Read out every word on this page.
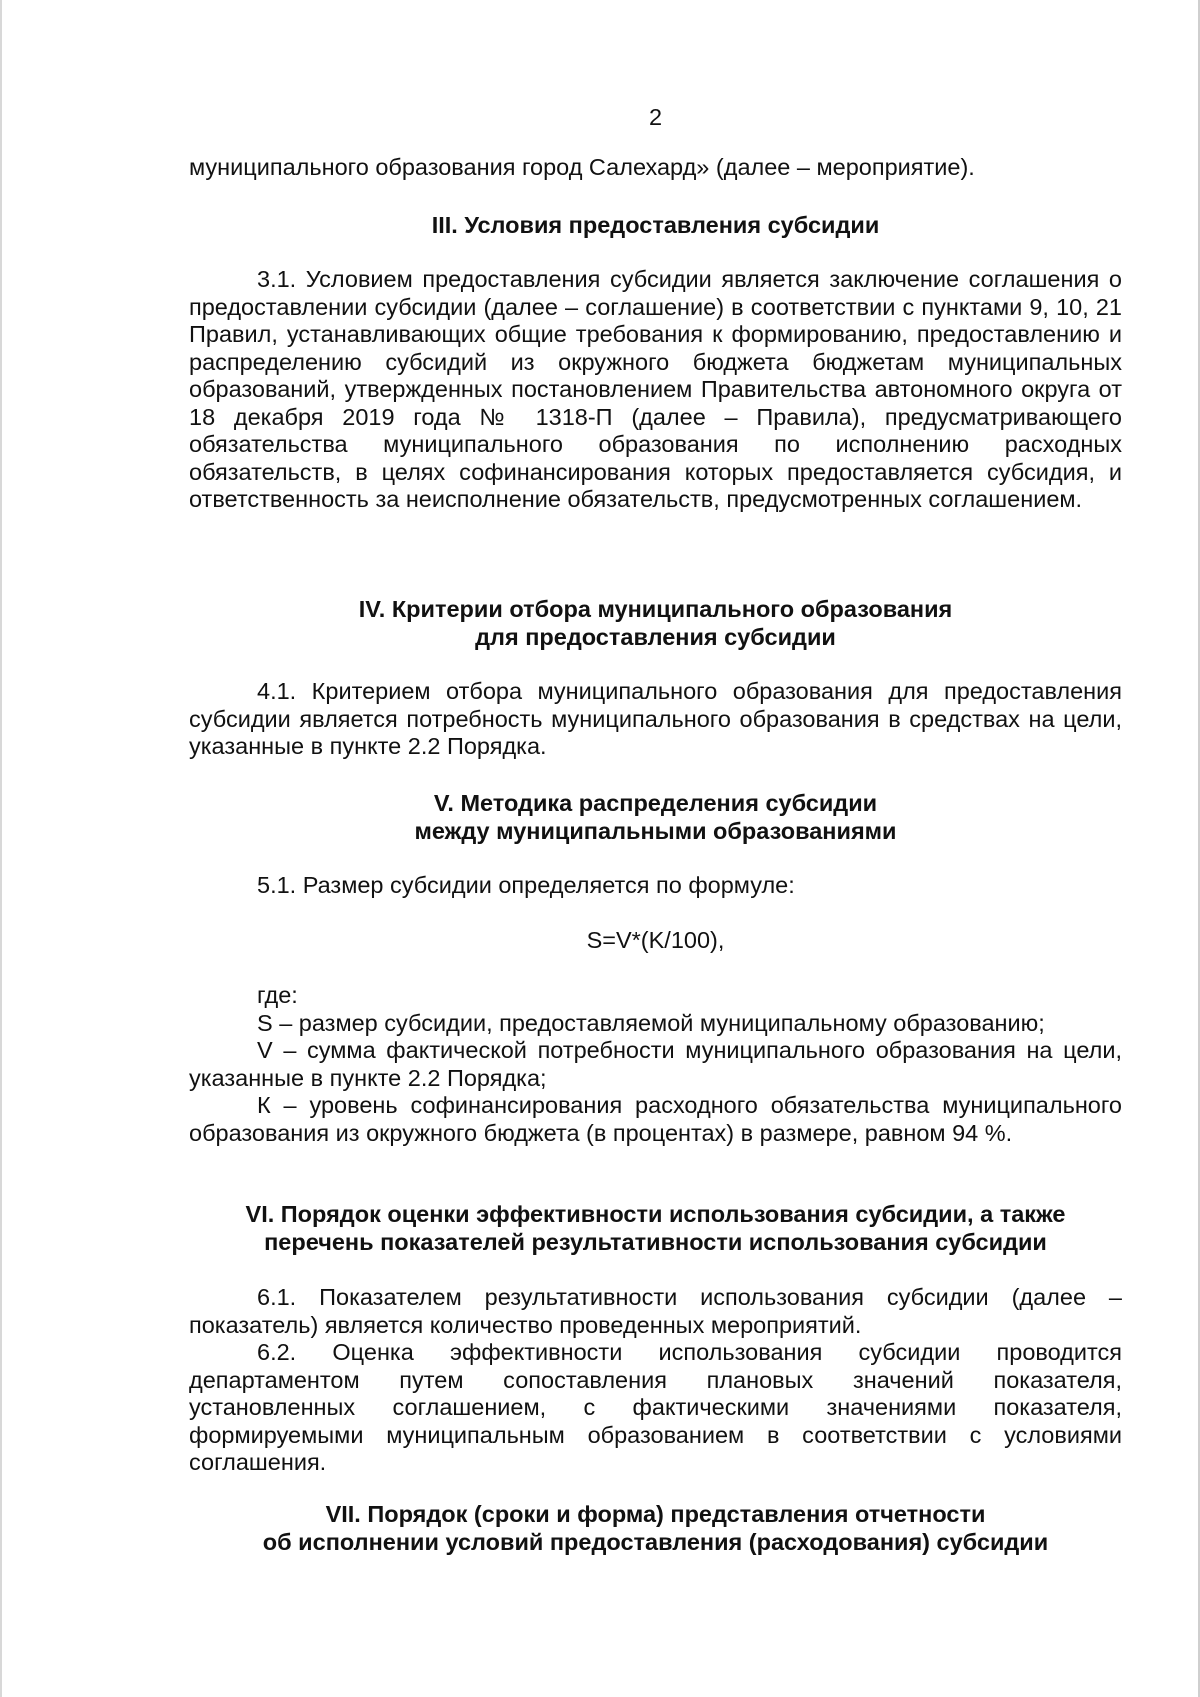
2

муниципального образования город Салехард» (далее – мероприятие).

III. Условия предоставления субсидии

3.1. Условием предоставления субсидии является заключение соглашения о предоставлении субсидии (далее – соглашение) в соответствии с пунктами 9, 10, 21 Правил, устанавливающих общие требования к формированию, предоставлению и распределению субсидий из окружного бюджета бюджетам муниципальных образований, утвержденных постановлением Правительства автономного округа от 18 декабря 2019 года № 1318-П (далее – Правила), предусматривающего обязательства муниципального образования по исполнению расходных обязательств, в целях софинансирования которых предоставляется субсидия, и ответственность за неисполнение обязательств, предусмотренных соглашением.

IV. Критерии отбора муниципального образования

для предоставления субсидии

4.1. Критерием отбора муниципального образования для предоставления субсидии является потребность муниципального образования в средствах на цели, указанные в пункте 2.2 Порядка.

V. Методика распределения субсидии

между муниципальными образованиями

5.1. Размер субсидии определяется по формуле:

S=V*(K/100),

где:

S – размер субсидии, предоставляемой муниципальному образованию;

V – сумма фактической потребности муниципального образования на цели, указанные в пункте 2.2 Порядка;

К – уровень софинансирования расходного обязательства муниципального образования из окружного бюджета (в процентах) в размере, равном 94 %.

VI. Порядок оценки эффективности использования субсидии, а также

перечень показателей результативности использования субсидии

6.1. Показателем результативности использования субсидии (далее – показатель) является количество проведенных мероприятий.

6.2. Оценка эффективности использования субсидии проводится департаментом путем сопоставления плановых значений показателя, установленных соглашением, с фактическими значениями показателя, формируемыми муниципальным образованием в соответствии с условиями соглашения.

VII. Порядок (сроки и форма) представления отчетности

об исполнении условий предоставления (расходования) субсидии
